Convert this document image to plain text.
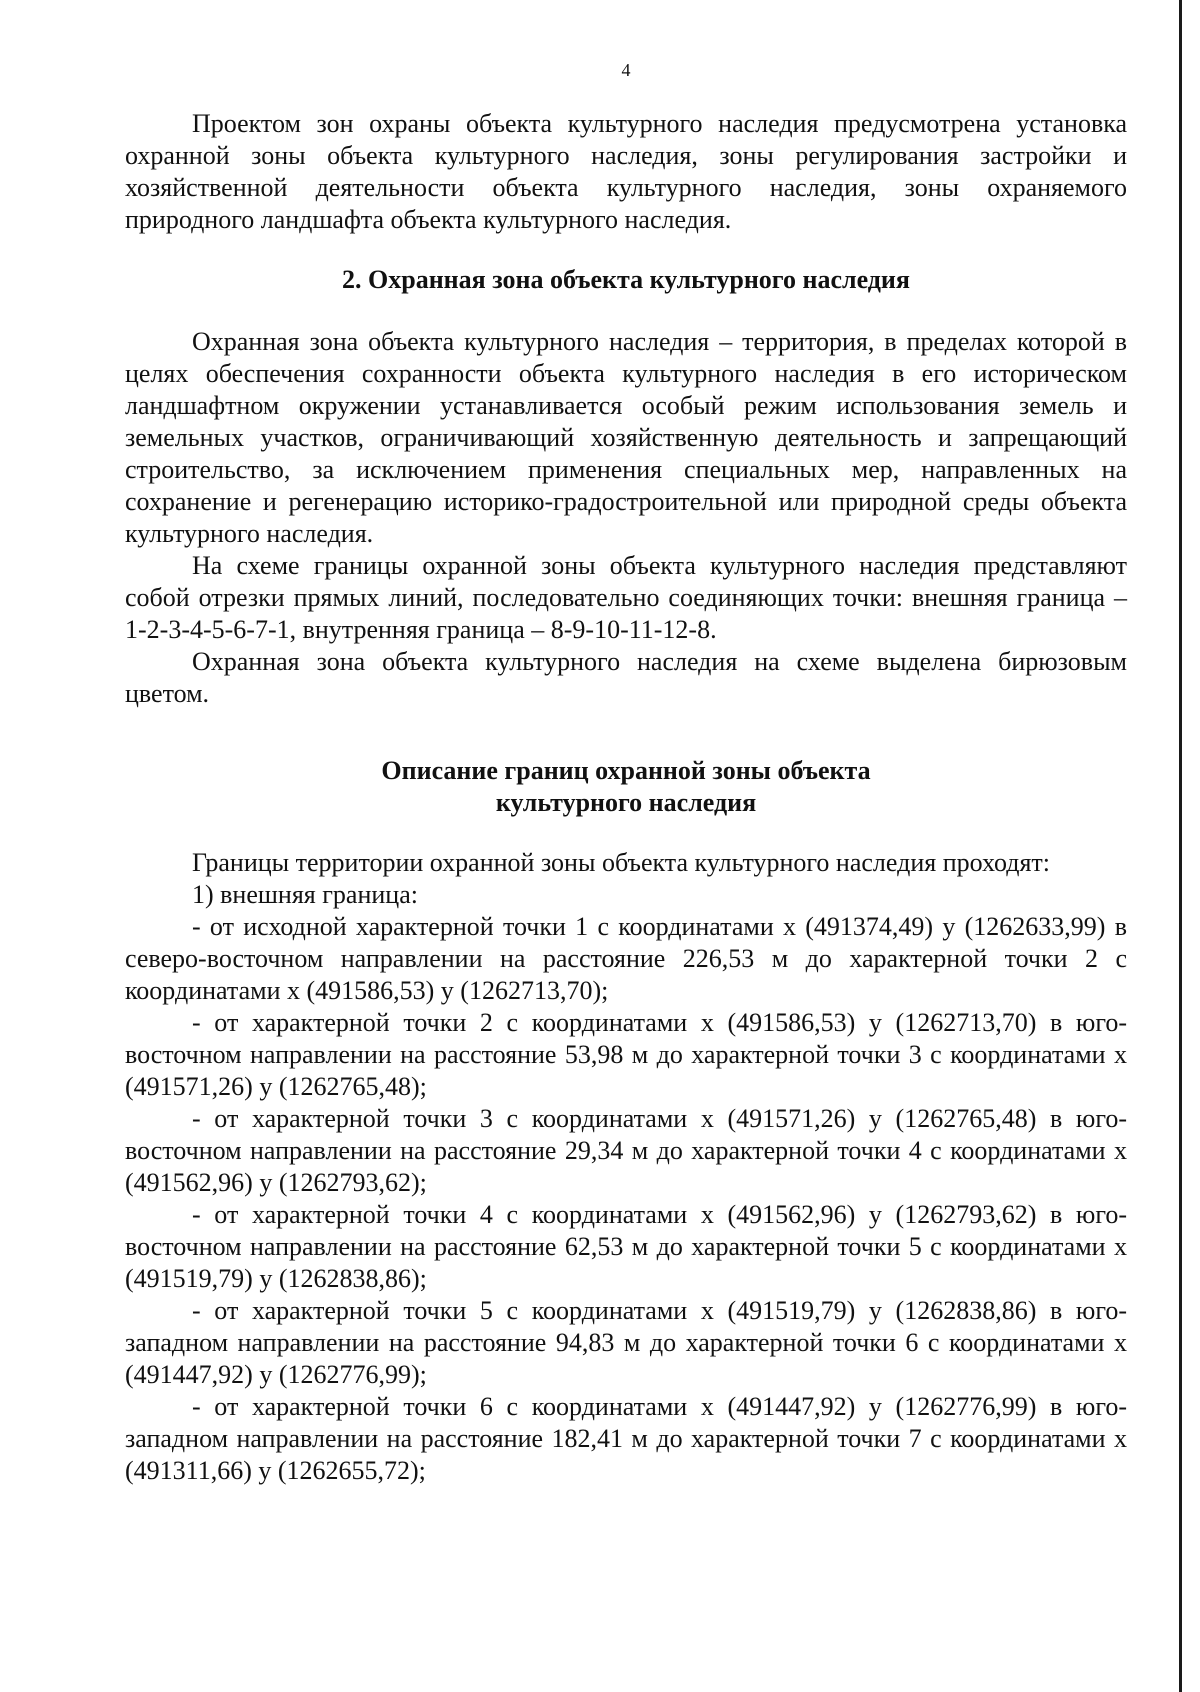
4

Проектом зон охраны объекта культурного наследия предусмотрена установка охранной зоны объекта культурного наследия, зоны регулирования застройки и хозяйственной деятельности объекта культурного наследия, зоны охраняемого природного ландшафта объекта культурного наследия.

2. Охранная зона объекта культурного наследия

Охранная зона объекта культурного наследия – территория, в пределах которой в целях обеспечения сохранности объекта культурного наследия в его историческом ландшафтном окружении устанавливается особый режим использования земель и земельных участков, ограничивающий хозяйственную деятельность и запрещающий строительство, за исключением применения специальных мер, направленных на сохранение и регенерацию историко-градостроительной или природной среды объекта культурного наследия.

На схеме границы охранной зоны объекта культурного наследия представляют собой отрезки прямых линий, последовательно соединяющих точки: внешняя граница – 1-2-3-4-5-6-7-1, внутренняя граница – 8-9-10-11-12-8.

Охранная зона объекта культурного наследия на схеме выделена бирюзовым цветом.

Описание границ охранной зоны объекта
культурного наследия

Границы территории охранной зоны объекта культурного наследия проходят:

1) внешняя граница:

- от исходной характерной точки 1 с координатами x (491374,49) y (1262633,99) в северо-восточном направлении на расстояние 226,53 м до характерной точки 2 с координатами x (491586,53) y (1262713,70);

- от характерной точки 2 с координатами x (491586,53) y (1262713,70) в юго-восточном направлении на расстояние 53,98 м до характерной точки 3 с координатами x (491571,26) y (1262765,48);

- от характерной точки 3 с координатами x (491571,26) y (1262765,48) в юго-восточном направлении на расстояние 29,34 м до характерной точки 4 с координатами x (491562,96) y (1262793,62);

- от характерной точки 4 с координатами x (491562,96) y (1262793,62) в юго-восточном направлении на расстояние 62,53 м до характерной точки 5 с координатами x (491519,79) y (1262838,86);

- от характерной точки 5 с координатами x (491519,79) y (1262838,86) в юго-западном направлении на расстояние 94,83 м до характерной точки 6 с координатами x (491447,92) y (1262776,99);

- от характерной точки 6 с координатами x (491447,92) y (1262776,99) в юго-западном направлении на расстояние 182,41 м до характерной точки 7 с координатами x (491311,66) y (1262655,72);
